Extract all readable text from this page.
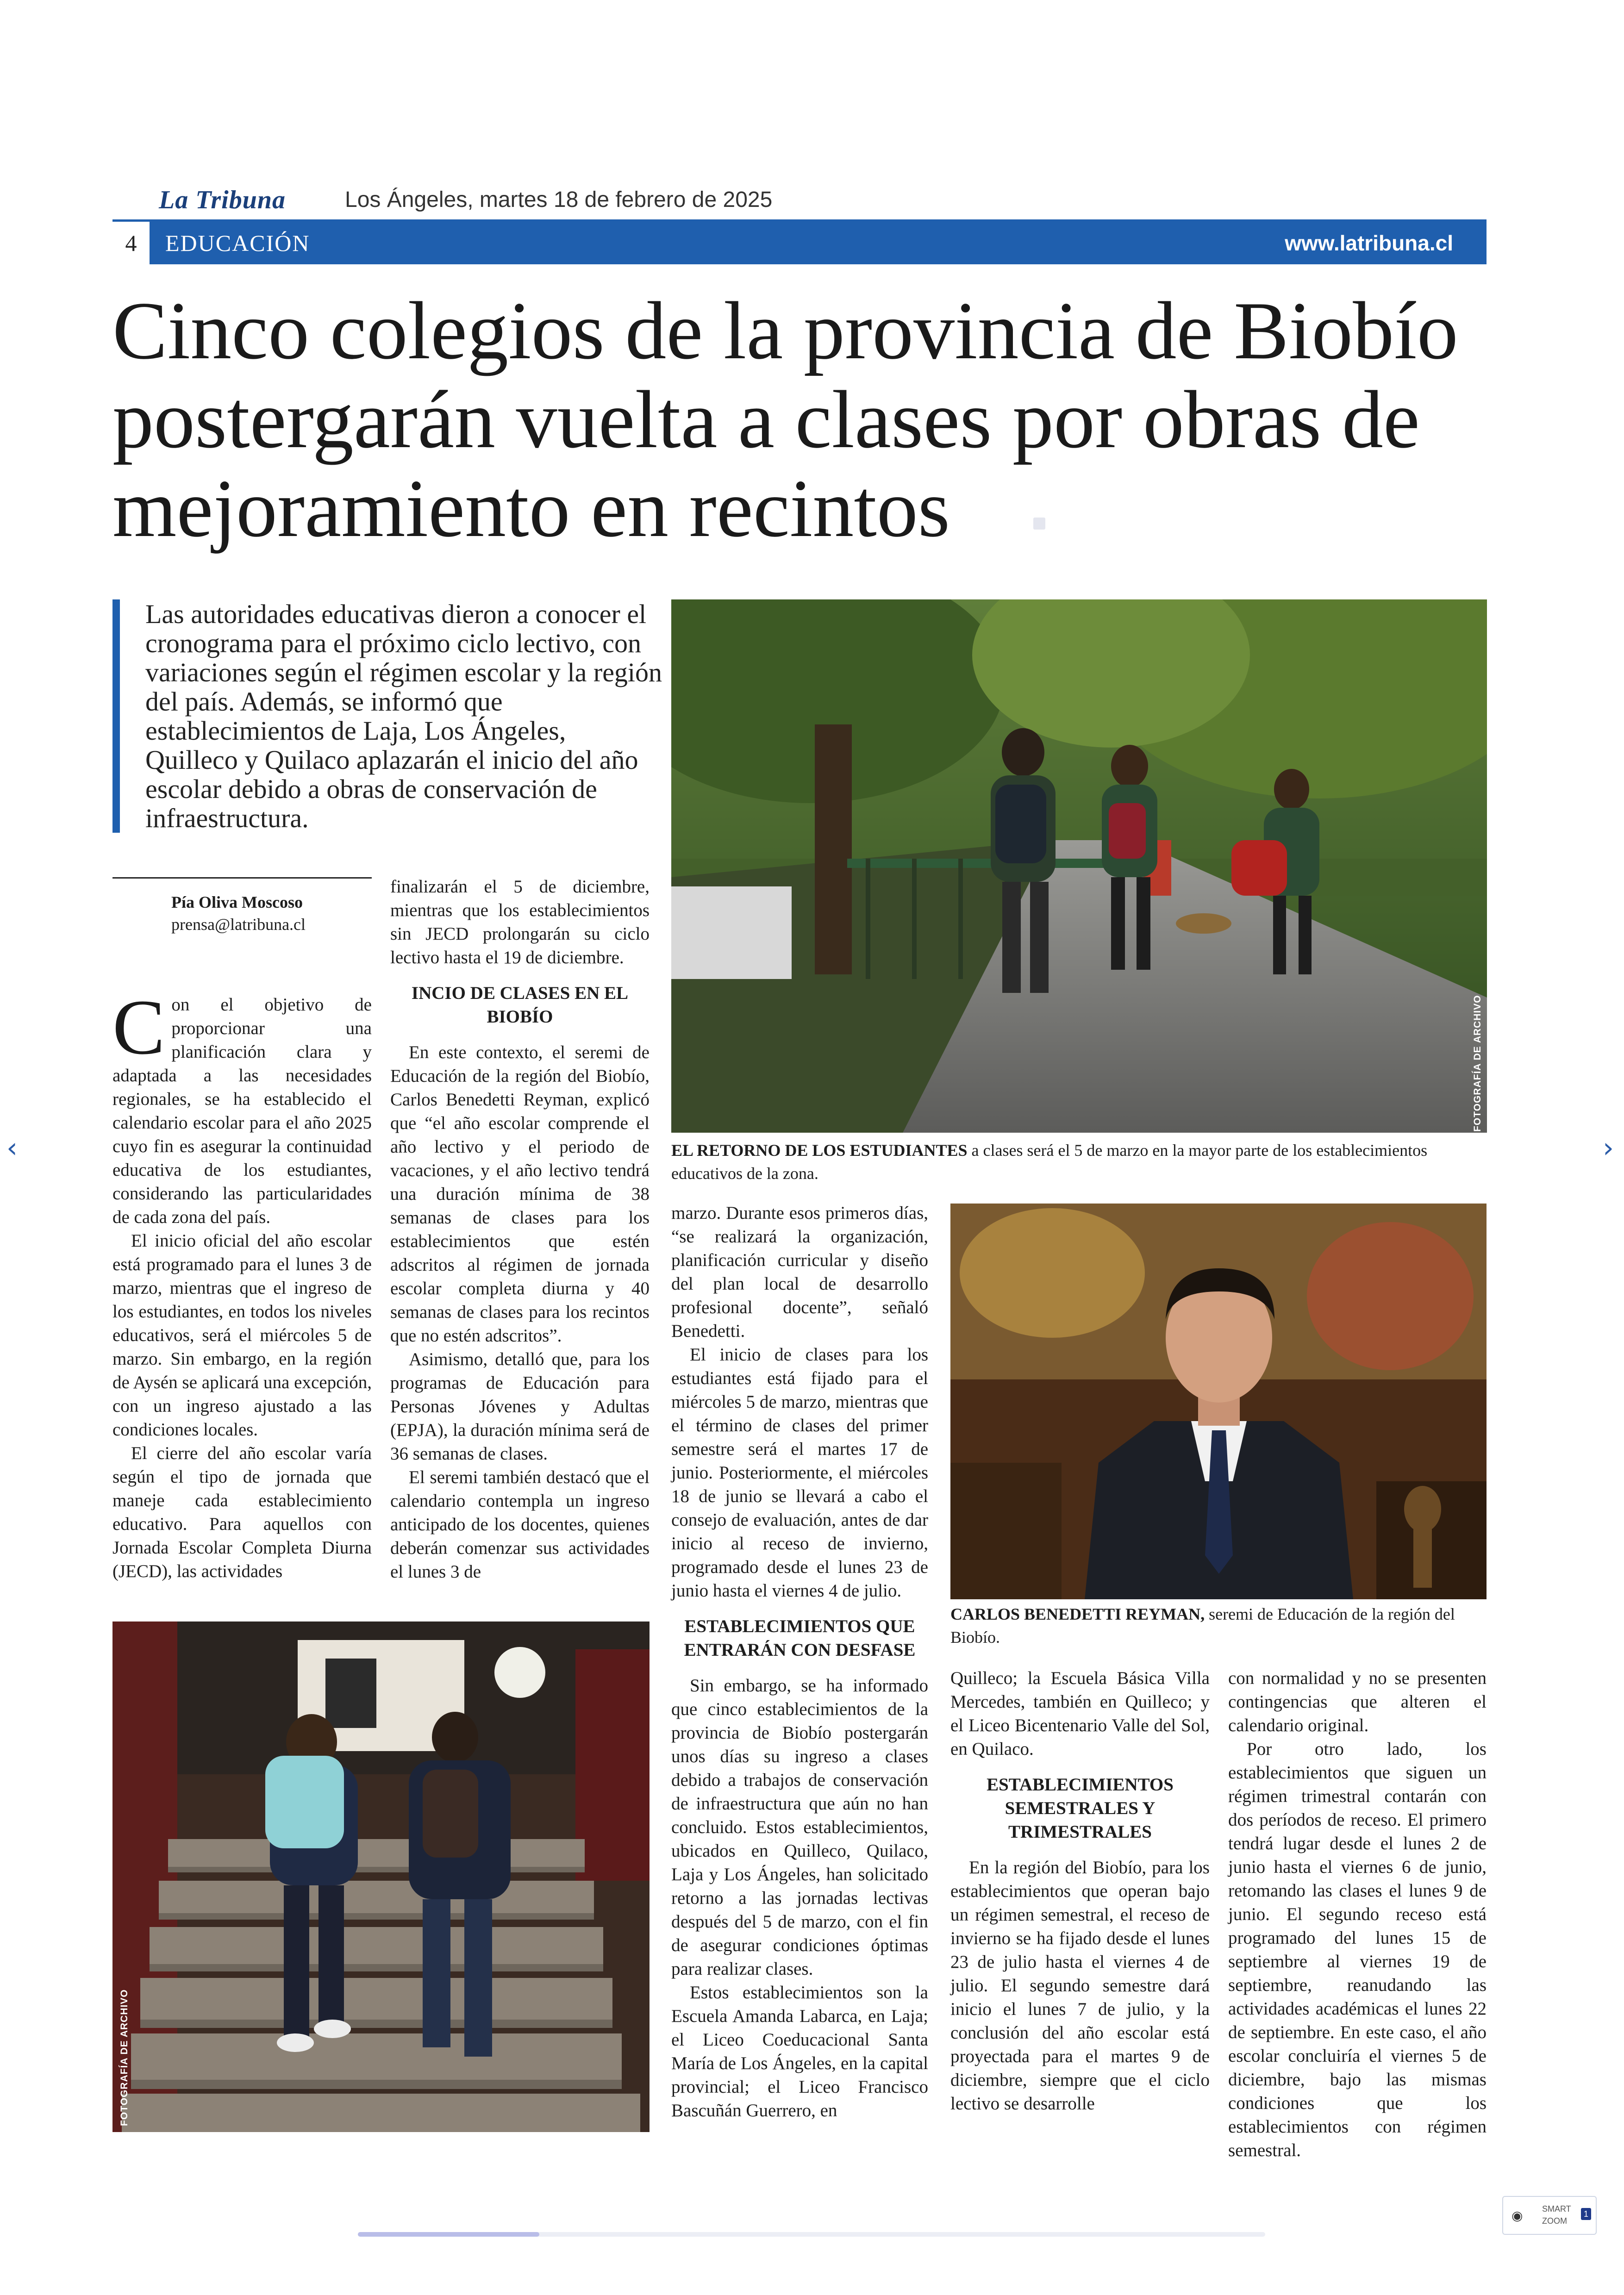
La Tribuna	Los Ángeles, martes 18 de febrero de 2025
4	EDUCACIÓN	www.latribuna.cl
Cinco colegios de la provincia de Biobío postergarán vuelta a clases por obras de mejoramiento en recintos
Las autoridades educativas dieron a conocer el cronograma para el próximo ciclo lectivo, con variaciones según el régimen escolar y la región del país. Además, se informó que establecimientos de Laja, Los Ángeles, Quilleco y Quilaco aplazarán el inicio del año escolar debido a obras de conservación de infraestructura.
Pía Oliva Moscoso
prensa@latribuna.cl

Con el objetivo de proporcionar una planificación clara y adaptada a las necesidades regionales, se ha establecido el calendario escolar para el año 2025 cuyo fin es asegurar la continuidad educativa de los estudiantes, considerando las particularidades de cada zona del país.

El inicio oficial del año escolar está programado para el lunes 3 de marzo, mientras que el ingreso de los estudiantes, en todos los niveles educativos, será el miércoles 5 de marzo. Sin embargo, en la región de Aysén se aplicará una excepción, con un ingreso ajustado a las condiciones locales.

El cierre del año escolar varía según el tipo de jornada que maneje cada establecimiento educativo. Para aquellos con Jornada Escolar Completa Diurna (JECD), las actividades

finalizarán el 5 de diciembre, mientras que los establecimientos sin JECD prolongarán su ciclo lectivo hasta el 19 de diciembre.

INCIO DE CLASES EN EL BIOBÍO

En este contexto, el seremi de Educación de la región del Biobío, Carlos Benedetti Reyman, explicó que “el año escolar comprende el año lectivo y el periodo de vacaciones, y el año lectivo tendrá una duración mínima de 38 semanas de clases para los establecimientos que estén adscritos al régimen de jornada escolar completa diurna y 40 semanas de clases para los recintos que no estén adscritos”.

Asimismo, detalló que, para los programas de Educación para Personas Jóvenes y Adultas (EPJA), la duración mínima será de 36 semanas de clases.

El seremi también destacó que el calendario contempla un ingreso anticipado de los docentes, quienes deberán comenzar sus actividades el lunes 3 de

FOTOGRAFÍA DE ARCHIVO
EL RETORNO DE LOS ESTUDIANTES a clases será el 5 de marzo en la mayor parte de los establecimientos educativos de la zona.

marzo. Durante esos primeros días, “se realizará la organización, planificación curricular y diseño del plan local de desarrollo profesional docente”, señaló Benedetti.

El inicio de clases para los estudiantes está fijado para el miércoles 5 de marzo, mientras que el término de clases del primer semestre será el martes 17 de junio. Posteriormente, el miércoles 18 de junio se llevará a cabo el consejo de evaluación, antes de dar inicio al receso de invierno, programado desde el lunes 23 de junio hasta el viernes 4 de julio.

ESTABLECIMIENTOS QUE ENTRARÁN CON DESFASE

Sin embargo, se ha informado que cinco establecimientos de la provincia de Biobío postergarán unos días su ingreso a clases debido a trabajos de conservación de infraestructura que aún no han concluido. Estos establecimientos, ubicados en Quilleco, Quilaco, Laja y Los Ángeles, han solicitado retorno a las jornadas lectivas después del 5 de marzo, con el fin de asegurar condiciones óptimas para realizar clases.

Estos establecimientos son la Escuela Amanda Labarca, en Laja; el Liceo Coeducacional Santa María de Los Ángeles, en la capital provincial; el Liceo Francisco Bascuñán Guerrero, en

CARLOS BENEDETTI REYMAN, seremi de Educación de la región del Biobío.

Quilleco; la Escuela Básica Villa Mercedes, también en Quilleco; y el Liceo Bicentenario Valle del Sol, en Quilaco.

ESTABLECIMIENTOS SEMESTRALES Y TRIMESTRALES

En la región del Biobío, para los establecimientos que operan bajo un régimen semestral, el receso de invierno se ha fijado desde el lunes 23 de julio hasta el viernes 4 de julio. El segundo semestre dará inicio el lunes 7 de julio, y la conclusión del año escolar está proyectada para el martes 9 de diciembre, siempre que el ciclo lectivo se desarrolle

con normalidad y no se presenten contingencias que alteren el calendario original.

Por otro lado, los establecimientos que siguen un régimen trimestral contarán con dos períodos de receso. El primero tendrá lugar desde el lunes 2 de junio hasta el viernes 6 de junio, retomando las clases el lunes 9 de junio. El segundo receso está programado del lunes 15 de septiembre al viernes 19 de septiembre, reanudando las actividades académicas el lunes 22 de septiembre. En este caso, el año escolar concluiría el viernes 5 de diciembre, bajo las mismas condiciones que los establecimientos con régimen semestral.

FOTOGRAFÍA DE ARCHIVO
‹	›
◉ SMART
ZOOM
1
